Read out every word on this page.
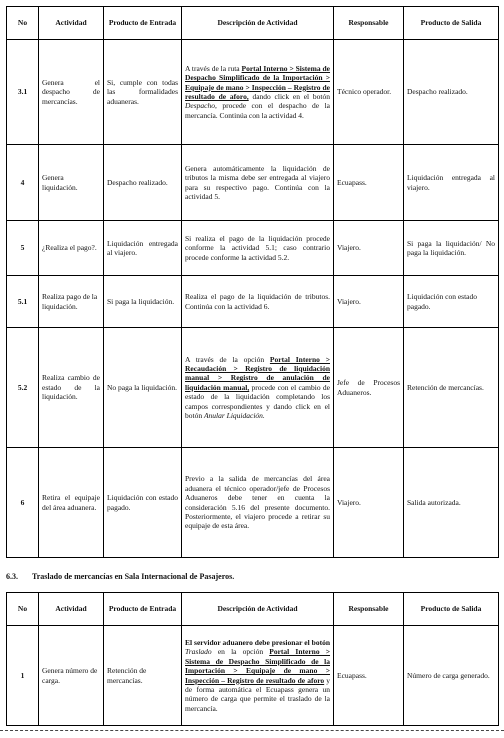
No	Actividad	Producto de Entrada	Descripción de Actividad	Responsable	Producto de Salida
3.1	Genera el despacho de mercancías.	Si, cumple con todas las formalidades aduaneras.	A través de la ruta Portal Interno > Sistema de Despacho Simplificado de la Importación > Equipaje de mano > Inspección – Registro de resultado de aforo, dando click en el botón Despacho, procede con el despacho de la mercancía. Continúa con la actividad 4.	Técnico operador.	Despacho realizado.
4	Genera liquidación.	Despacho realizado.	Genera automáticamente la liquidación de tributos la misma debe ser entregada al viajero para su respectivo pago. Continúa con la actividad 5.	Ecuapass.	Liquidación entregada al viajero.
5	¿Realiza el pago?.	Liquidación entregada al viajero.	Si realiza el pago de la liquidación procede conforme la actividad 5.1; caso contrario procede conforme la actividad 5.2.	Viajero.	Si paga la liquidación/ No paga la liquidación.
5.1	Realiza pago de la liquidación.	Si paga la liquidación.	Realiza el pago de la liquidación de tributos. Continúa con la actividad 6.	Viajero.	Liquidación con estado pagado.
5.2	Realiza cambio de estado de la liquidación.	No paga la liquidación.	A través de la opción Portal Interno > Recaudación > Registro de liquidación manual > Registro de anulación de liquidación manual, procede con el cambio de estado de la liquidación completando los campos correspondientes y dando click en el botón Anular Liquidación.	Jefe de Procesos Aduaneros.	Retención de mercancías.
6	Retira el equipaje del área aduanera.	Liquidación con estado pagado.	Previo a la salida de mercancías del área aduanera el técnico operador/jefe de Procesos Aduaneros debe tener en cuenta la consideración 5.16 del presente documento. Posteriormente, el viajero procede a retirar su equipaje de esta área.	Viajero.	Salida autorizada.
6.3. Traslado de mercancías en Sala Internacional de Pasajeros.
No	Actividad	Producto de Entrada	Descripción de Actividad	Responsable	Producto de Salida
1	Genera número de carga.	Retención de mercancías.	El servidor aduanero debe presionar el botón Traslado en la opción Portal Interno > Sistema de Despacho Simplificado de la Importación > Equipaje de mano > Inspección – Registro de resultado de aforo y de forma automática el Ecuapass genera un número de carga que permite el traslado de la mercancía.	Ecuapass.	Número de carga generado.
